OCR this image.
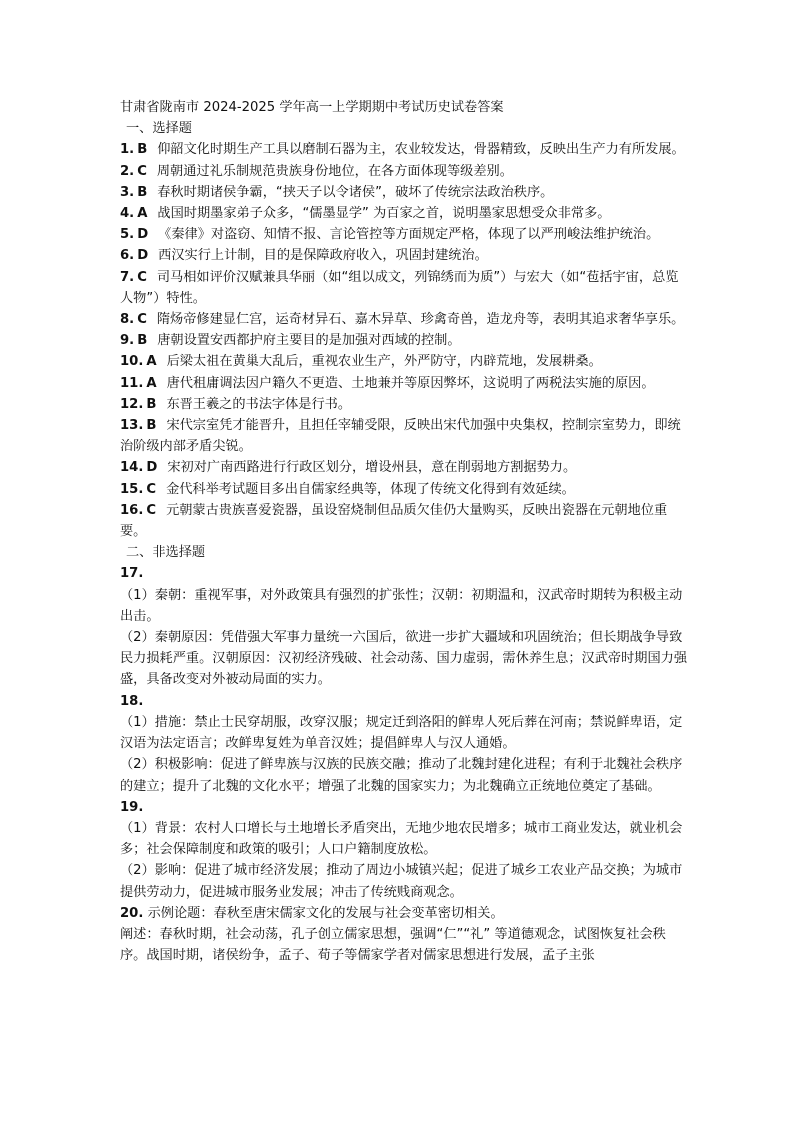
甘肃省陇南市 2024-2025 学年高一上学期期中考试历史试卷答案
一、选择题
1. B 仰韶文化时期生产工具以磨制石器为主，农业较发达，骨器精致，反映出生产力有所发展。
2. C 周朝通过礼乐制规范贵族身份地位，在各方面体现等级差别。
3. B 春秋时期诸侯争霸，“挟天子以令诸侯”，破坏了传统宗法政治秩序。
4. A 战国时期墨家弟子众多，“儒墨显学” 为百家之首，说明墨家思想受众非常多。
5. D 《秦律》对盗窃、知情不报、言论管控等方面规定严格，体现了以严刑峻法维护统治。
6. D 西汉实行上计制，目的是保障政府收入，巩固封建统治。
7. C 司马相如评价汉赋兼具华丽（如“组以成文，列锦绣而为质”）与宏大（如“苞括宇宙，总览人物”）特性。
8. C 隋炀帝修建显仁宫，运奇材异石、嘉木异草、珍禽奇兽，造龙舟等，表明其追求奢华享乐。
9. B 唐朝设置安西都护府主要目的是加强对西域的控制。
10. A 后梁太祖在黄巢大乱后，重视农业生产，外严防守，内辟荒地，发展耕桑。
11. A 唐代租庸调法因户籍久不更造、土地兼并等原因弊坏，这说明了两税法实施的原因。
12. B 东晋王羲之的书法字体是行书。
13. B 宋代宗室凭才能晋升，且担任宰辅受限，反映出宋代加强中央集权，控制宗室势力，即统治阶级内部矛盾尖锐。
14. D 宋初对广南西路进行行政区划分，增设州县，意在削弱地方割据势力。
15. C 金代科举考试题目多出自儒家经典等，体现了传统文化得到有效延续。
16. C 元朝蒙古贵族喜爱瓷器，虽设窑烧制但品质欠佳仍大量购买，反映出瓷器在元朝地位重要。
二、非选择题
17.
（1）秦朝：重视军事，对外政策具有强烈的扩张性；汉朝：初期温和，汉武帝时期转为积极主动出击。
（2）秦朝原因：凭借强大军事力量统一六国后，欲进一步扩大疆域和巩固统治；但长期战争导致民力损耗严重。汉朝原因：汉初经济残破、社会动荡、国力虚弱，需休养生息；汉武帝时期国力强盛，具备改变对外被动局面的实力。
18.
（1）措施：禁止士民穿胡服，改穿汉服；规定迁到洛阳的鲜卑人死后葬在河南；禁说鲜卑语，定汉语为法定语言；改鲜卑复姓为单音汉姓；提倡鲜卑人与汉人通婚。
（2）积极影响：促进了鲜卑族与汉族的民族交融；推动了北魏封建化进程；有利于北魏社会秩序的建立；提升了北魏的文化水平；增强了北魏的国家实力；为北魏确立正统地位奠定了基础。
19.
（1）背景：农村人口增长与土地增长矛盾突出，无地少地农民增多；城市工商业发达，就业机会多；社会保障制度和政策的吸引；人口户籍制度放松。
（2）影响：促进了城市经济发展；推动了周边小城镇兴起；促进了城乡工农业产品交换；为城市提供劳动力，促进城市服务业发展；冲击了传统贱商观念。
20. 示例论题：春秋至唐宋儒家文化的发展与社会变革密切相关。
阐述：春秋时期，社会动荡，孔子创立儒家思想，强调“仁”“礼” 等道德观念，试图恢复社会秩序。战国时期，诸侯纷争，孟子、荀子等儒家学者对儒家思想进行发展，孟子主张
